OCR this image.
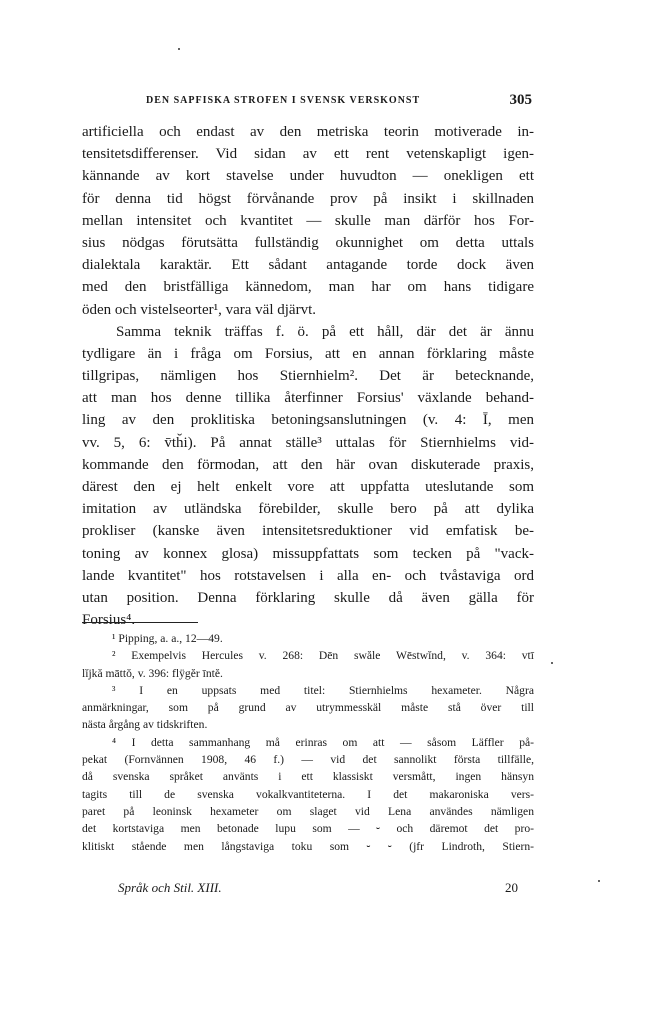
DEN SAPFISKA STROFEN I SVENSK VERSKONST	305
artificiella och endast av den metriska teorin motiverade in-
tensitetsdifferenser. Vid sidan av ett rent vetenskapligt igen-
kännande av kort stavelse under huvudton — onekligen ett
för denna tid högst förvånande prov på insikt i skillnaden
mellan intensitet och kvantitet — skulle man därför hos For-
sius nödgas förutsätta fullständig okunnighet om detta uttals
dialektala karaktär. Ett sådant antagande torde dock även
med den bristfälliga kännedom, man har om hans tidigare
öden och vistelseorter¹, vara väl djärvt.
Samma teknik träffas f. ö. på ett håll, där det är ännu
tydligare än i fråga om Forsius, att en annan förklaring måste
tillgripas, nämligen hos Stiernhielm². Det är betecknande,
att man hos denne tillika återfinner Forsius' växlande behand-
ling av den proklitiska betoningsanslutningen (v. 4: Ī, men
vv. 5, 6: v̄th̆i). På annat ställe³ uttalas för Stiernhielms vid-
kommande den förmodan, att den här ovan diskuterade praxis,
därest den ej helt enkelt vore att uppfatta uteslutande som
imitation av utländska förebilder, skulle bero på att dylika
prokliser (kanske även intensitetsreduktioner vid emfatisk be-
toning av konnex glosa) missuppfattats som tecken på "vack-
lande kvantitet" hos rotstavelsen i alla en- och tvåstaviga ord
utan position. Denna förklaring skulle då även gälla för
Forsius⁴.
¹ Pipping, a. a., 12—49.
² Exempelvis Hercules v. 268: Dēn swăle Wēstwĭnd, v. 364: vtī
lĭjkă māttŏ, v. 396: flÿgĕr īntĕ.
³ I en uppsats med titel: Stiernhielms hexameter. Några
anmärkningar, som på grund av utrymmesskäl måste stå över till
nästa årgång av tidskriften.
⁴ I detta sammanhang må erinras om att — såsom Läffler på-
pekat (Fornvännen 1908, 46 f.) — vid det sannolikt första tillfälle,
då svenska språket använts i ett klassiskt versmått, ingen hänsyn
tagits till de svenska vokalkvantiteterna. I det makaroniska vers-
paret på leoninsk hexameter om slaget vid Lena användes nämligen
det kortstaviga men betonade lupu som — ⏑ och däremot det pro-
klitiskt stående men långstaviga toku som ⏑ ⏑ (jfr Lindroth, Stiern-
Språk och Stil. XIII.	20
